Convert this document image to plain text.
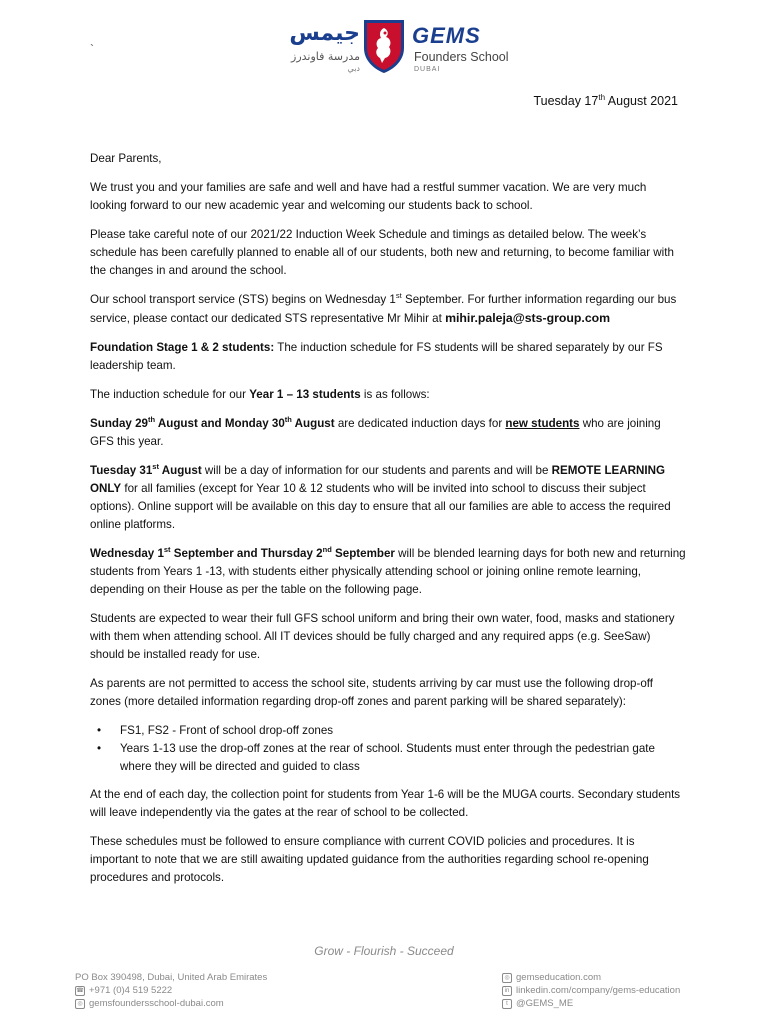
جيمس
مدرسة فاوندرز
دبي
GEMS
Founders School
DUBAI
`
Tuesday 17th August 2021

Dear Parents,

We trust you and your families are safe and well and have had a restful summer vacation. We are very much looking forward to our new academic year and welcoming our students back to school.

Please take careful note of our 2021/22 Induction Week Schedule and timings as detailed below. The week’s schedule has been carefully planned to enable all of our students, both new and returning, to become familiar with the changes in and around the school.

Our school transport service (STS) begins on Wednesday 1st September. For further information regarding our bus service, please contact our dedicated STS representative Mr Mihir at mihir.paleja@sts-group.com

Foundation Stage 1 & 2 students: The induction schedule for FS students will be shared separately by our FS leadership team.

The induction schedule for our Year 1 – 13 students is as follows:

Sunday 29th August and Monday 30th August are dedicated induction days for new students who are joining GFS this year.

Tuesday 31st August will be a day of information for our students and parents and will be REMOTE LEARNING ONLY for all families (except for Year 10 & 12 students who will be invited into school to discuss their subject options). Online support will be available on this day to ensure that all our families are able to access the required online platforms.

Wednesday 1st September and Thursday 2nd September will be blended learning days for both new and returning students from Years 1 -13, with students either physically attending school or joining online remote learning, depending on their House as per the table on the following page.

Students are expected to wear their full GFS school uniform and bring their own water, food, masks and stationery with them when attending school. All IT devices should be fully charged and any required apps (e.g. SeeSaw) should be installed ready for use.

As parents are not permitted to access the school site, students arriving by car must use the following drop-off zones (more detailed information regarding drop-off zones and parent parking will be shared separately):

• FS1, FS2 - Front of school drop-off zones
• Years 1-13 use the drop-off zones at the rear of school. Students must enter through the pedestrian gate where they will be directed and guided to class

At the end of each day, the collection point for students from Year 1-6 will be the MUGA courts. Secondary students will leave independently via the gates at the rear of school to be collected.

These schedules must be followed to ensure compliance with current COVID policies and procedures. It is important to note that we are still awaiting updated guidance from the authorities regarding school re-opening procedures and protocols.

Grow - Flourish - Succeed
PO Box 390498, Dubai, United Arab Emirates
☎ +971 (0)4 519 5222
◎ gemsfoundersschool-dubai.com
◎ gemseducation.com
in linkedin.com/company/gems-education
t @GEMS_ME
